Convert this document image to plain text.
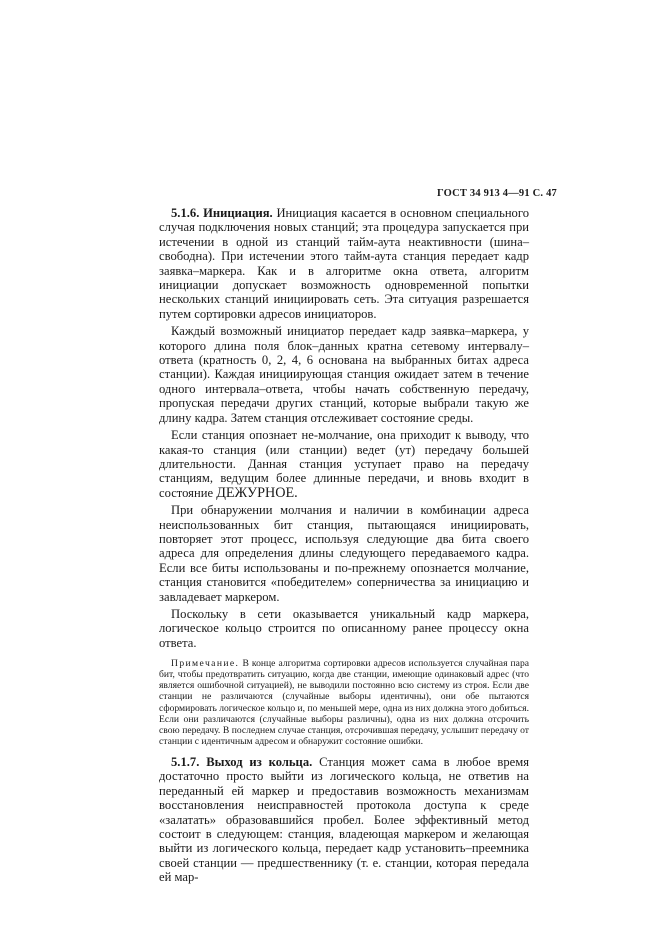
ГОСТ 34 913 4—91 С. 47

5.1.6. Инициация. Инициация касается в основном специального случая подключения новых станций; эта процедура запускается при истечении в одной из станций тайм-аута неактивности (шина–свободна). При истечении этого тайм-аута станция передает кадр заявка–маркера. Как и в алгоритме окна ответа, алгоритм инициации допускает возможность одновременной попытки нескольких станций инициировать сеть. Эта ситуация разрешается путем сортировки адресов инициаторов.

Каждый возможный инициатор передает кадр заявка–маркера, у которого длина поля блок–данных кратна сетевому интервалу–ответа (кратность 0, 2, 4, 6 основана на выбранных битах адреса станции). Каждая инициирующая станция ожидает затем в течение одного интервала–ответа, чтобы начать собственную передачу, пропуская передачи других станций, которые выбрали такую же длину кадра. Затем станция отслеживает состояние среды.

Если станция опознает не-молчание, она приходит к выводу, что какая-то станция (или станции) ведет (ут) передачу большей длительности. Данная станция уступает право на передачу станциям, ведущим более длинные передачи, и вновь входит в состояние ДЕЖУРНОЕ.

При обнаружении молчания и наличии в комбинации адреса неиспользованных бит станция, пытающаяся инициировать, повторяет этот процесс, используя следующие два бита своего адреса для определения длины следующего передаваемого кадра. Если все биты использованы и по-прежнему опознается молчание, станция становится «победителем» соперничества за инициацию и завладевает маркером.

Поскольку в сети оказывается уникальный кадр маркера, логическое кольцо строится по описанному ранее процессу окна ответа.

Примечание. В конце алгоритма сортировки адресов используется случайная пара бит, чтобы предотвратить ситуацию, когда две станции, имеющие одинаковый адрес (что является ошибочной ситуацией), не выводили постоянно всю систему из строя. Если две станции не различаются (случайные выборы идентичны), они обе пытаются сформировать логическое кольцо и, по меньшей мере, одна из них должна этого добиться. Если они различаются (случайные выборы различны), одна из них должна отсрочить свою передачу. В последнем случае станция, отсрочившая передачу, услышит передачу от станции с идентичным адресом и обнаружит состояние ошибки.

5.1.7. Выход из кольца. Станция может сама в любое время достаточно просто выйти из логического кольца, не ответив на переданный ей маркер и предоставив возможность механизмам восстановления неисправностей протокола доступа к среде «залатать» образовавшийся пробел. Более эффективный метод состоит в следующем: станция, владеющая маркером и желающая выйти из логического кольца, передает кадр установить–преемника своей станции — предшественнику (т. е. станции, которая передала ей мар-
